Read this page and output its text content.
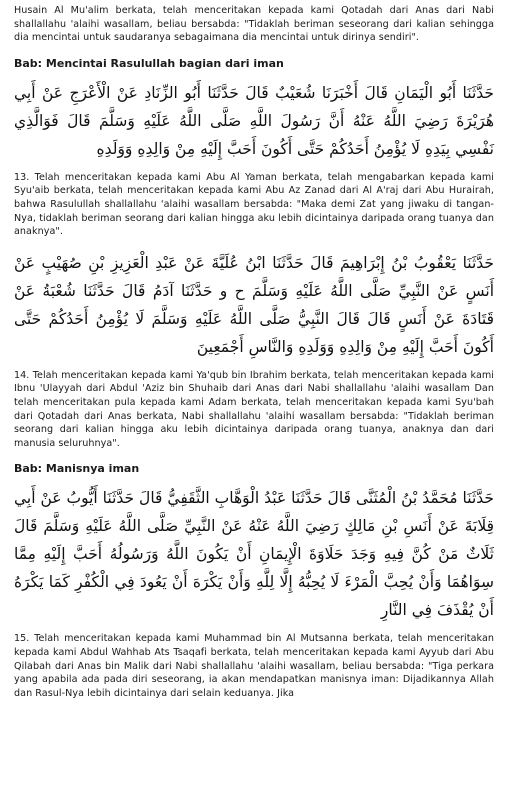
Husain Al Mu'alim berkata, telah menceritakan kepada kami Qotadah dari Anas dari Nabi shallallahu 'alaihi wasallam, beliau bersabda: "Tidaklah beriman seseorang dari kalian sehingga dia mencintai untuk saudaranya sebagaimana dia mencintai untuk dirinya sendiri".

Bab: Mencintai Rasulullah bagian dari iman

حَدَّثَنَا أَبُو الْيَمَانِ قَالَ أَخْبَرَنَا شُعَيْبٌ قَالَ حَدَّثَنَا أَبُو الزِّنَادِ عَنْ الْأَعْرَجِ عَنْ أَبِي هُرَيْرَةَ رَضِيَ اللَّهُ عَنْهُ أَنَّ رَسُولَ اللَّهِ صَلَّى اللَّهُ عَلَيْهِ وَسَلَّمَ قَالَ فَوَالَّذِي نَفْسِي بِيَدِهِ لَا يُؤْمِنُ أَحَدُكُمْ حَتَّى أَكُونَ أَحَبَّ إِلَيْهِ مِنْ وَالِدِهِ وَوَلَدِهِ

13. Telah menceritakan kepada kami Abu Al Yaman berkata, telah mengabarkan kepada kami Syu'aib berkata, telah menceritakan kepada kami Abu Az Zanad dari Al A'raj dari Abu Hurairah, bahwa Rasulullah shallallahu 'alaihi wasallam bersabda: "Maka demi Zat yang jiwaku di tangan-Nya, tidaklah beriman seorang dari kalian hingga aku lebih dicintainya daripada orang tuanya dan anaknya".

حَدَّثَنَا يَعْقُوبُ بْنُ إِبْرَاهِيمَ قَالَ حَدَّثَنَا ابْنُ عُلَيَّةَ عَنْ عَبْدِ الْعَزِيزِ بْنِ صُهَيْبٍ عَنْ أَنَسٍ عَنْ النَّبِيِّ صَلَّى اللَّهُ عَلَيْهِ وَسَلَّمَ ح و حَدَّثَنَا آدَمُ قَالَ حَدَّثَنَا شُعْبَةُ عَنْ قَتَادَةَ عَنْ أَنَسٍ قَالَ قَالَ النَّبِيُّ صَلَّى اللَّهُ عَلَيْهِ وَسَلَّمَ لَا يُؤْمِنُ أَحَدُكُمْ حَتَّى أَكُونَ أَحَبَّ إِلَيْهِ مِنْ وَالِدِهِ وَوَلَدِهِ وَالنَّاسِ أَجْمَعِينَ

14. Telah menceritakan kepada kami Ya'qub bin Ibrahim berkata, telah menceritakan kepada kami Ibnu 'Ulayyah dari Abdul 'Aziz bin Shuhaib dari Anas dari Nabi shallallahu 'alaihi wasallam Dan telah menceritakan pula kepada kami Adam berkata, telah menceritakan kepada kami Syu'bah dari Qotadah dari Anas berkata, Nabi shallallahu 'alaihi wasallam bersabda: "Tidaklah beriman seorang dari kalian hingga aku lebih dicintainya daripada orang tuanya, anaknya dan dari manusia seluruhnya".

Bab: Manisnya iman

حَدَّثَنَا مُحَمَّدُ بْنُ الْمُثَنَّى قَالَ حَدَّثَنَا عَبْدُ الْوَهَّابِ الثَّقَفِيُّ قَالَ حَدَّثَنَا أَيُّوبُ عَنْ أَبِي قِلَابَةَ عَنْ أَنَسِ بْنِ مَالِكٍ رَضِيَ اللَّهُ عَنْهُ عَنْ النَّبِيِّ صَلَّى اللَّهُ عَلَيْهِ وَسَلَّمَ قَالَ ثَلَاثٌ مَنْ كُنَّ فِيهِ وَجَدَ حَلَاوَةَ الْإِيمَانِ أَنْ يَكُونَ اللَّهُ وَرَسُولُهُ أَحَبَّ إِلَيْهِ مِمَّا سِوَاهُمَا وَأَنْ يُحِبَّ الْمَرْءَ لَا يُحِبُّهُ إِلَّا لِلَّهِ وَأَنْ يَكْرَهَ أَنْ يَعُودَ فِي الْكُفْرِ كَمَا يَكْرَهُ أَنْ يُقْذَفَ فِي النَّارِ

15. Telah menceritakan kepada kami Muhammad bin Al Mutsanna berkata, telah menceritakan kepada kami Abdul Wahhab Ats Tsaqafi berkata, telah menceritakan kepada kami Ayyub dari Abu Qilabah dari Anas bin Malik dari Nabi shallallahu 'alaihi wasallam, beliau bersabda: "Tiga perkara yang apabila ada pada diri seseorang, ia akan mendapatkan manisnya iman: Dijadikannya Allah dan Rasul-Nya lebih dicintainya dari selain keduanya. Jika
